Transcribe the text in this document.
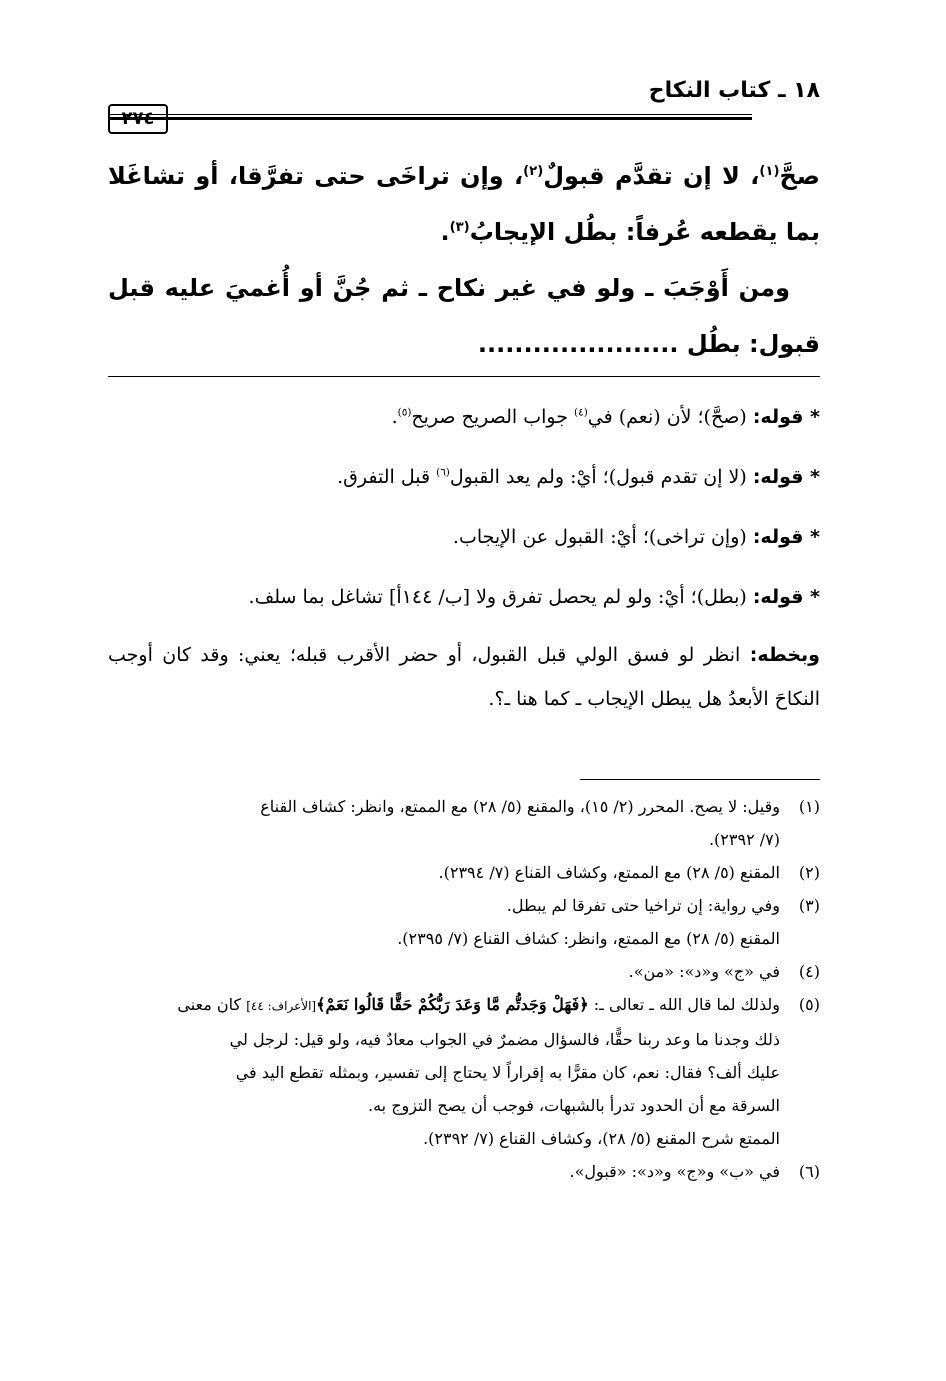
١٨ ـ كتاب النكاح
٢٧٤

صحَّ$^{(١)}$، لا إن تقدَّم قبولٌ$^{(٢)}$، وإن تراخَى حتى تفرَّقا، أو تشاغَلا بما يقطعه عُرفاً: بطُل الإيجابُ$^{(٣)}$.

ومن أَوْجَبَ ـ ولو في غير نكاح ـ ثم جُنَّ أو أُغميَ عليه قبل قبول: بطُل ......................

* قوله: (صحَّ)؛ لأن (نعم) في$^{(٤)}$ جواب الصريح صريح$^{(٥)}$.

* قوله: (لا إن تقدم قبول)؛ أيْ: ولم يعد القبول$^{(٦)}$ قبل التفرق.

* قوله: (وإن تراخى)؛ أيْ: القبول عن الإيجاب.

* قوله: (بطل)؛ أيْ: ولو لم يحصل تفرق ولا [ب/ ١٤٤أ] تشاغل بما سلف.

وبخطه: انظر لو فسق الولي قبل القبول، أو حضر الأقرب قبله؛ يعني: وقد كان أوجب النكاحَ الأبعدُ هل يبطل الإيجاب ـ كما هنا ـ؟.

(١)
وقيل: لا يصح. المحرر (٢/ ١٥)، والمقنع (٥/ ٢٨) مع الممتع، وانظر: كشاف القناع
(٧/ ٢٣٩٢).
(٢)
المقنع (٥/ ٢٨) مع الممتع، وكشاف القناع (٧/ ٢٣٩٤).
(٣)
وفي رواية: إن تراخيا حتى تفرقا لم يبطل.
المقنع (٥/ ٢٨) مع الممتع، وانظر: كشاف القناع (٧/ ٢٣٩٥).
(٤)
في «ج» و«د»: «من».
(٥)
ولذلك لما قال الله ـ تعالى ـ: ﴿فَهَلْ وَجَدتُّم مَّا وَعَدَ رَبُّكُمْ حَقًّا قَالُوا نَعَمْ﴾[الأعراف: ٤٤] كان معنى
ذلك وجدنا ما وعد ربنا حقًّا، فالسؤال مضمرٌ في الجواب معادٌ فيه، ولو قيل: لرجل لي
عليك ألف؟ فقال: نعم، كان مقرًّا به إقراراً لا يحتاج إلى تفسير، وبمثله تقطع اليد في
السرقة مع أن الحدود تدرأ بالشبهات، فوجب أن يصح التزوج به.
الممتع شرح المقنع (٥/ ٢٨)، وكشاف القناع (٧/ ٢٣٩٢).
(٦)
في «ب» و«ج» و«د»: «قبول».
